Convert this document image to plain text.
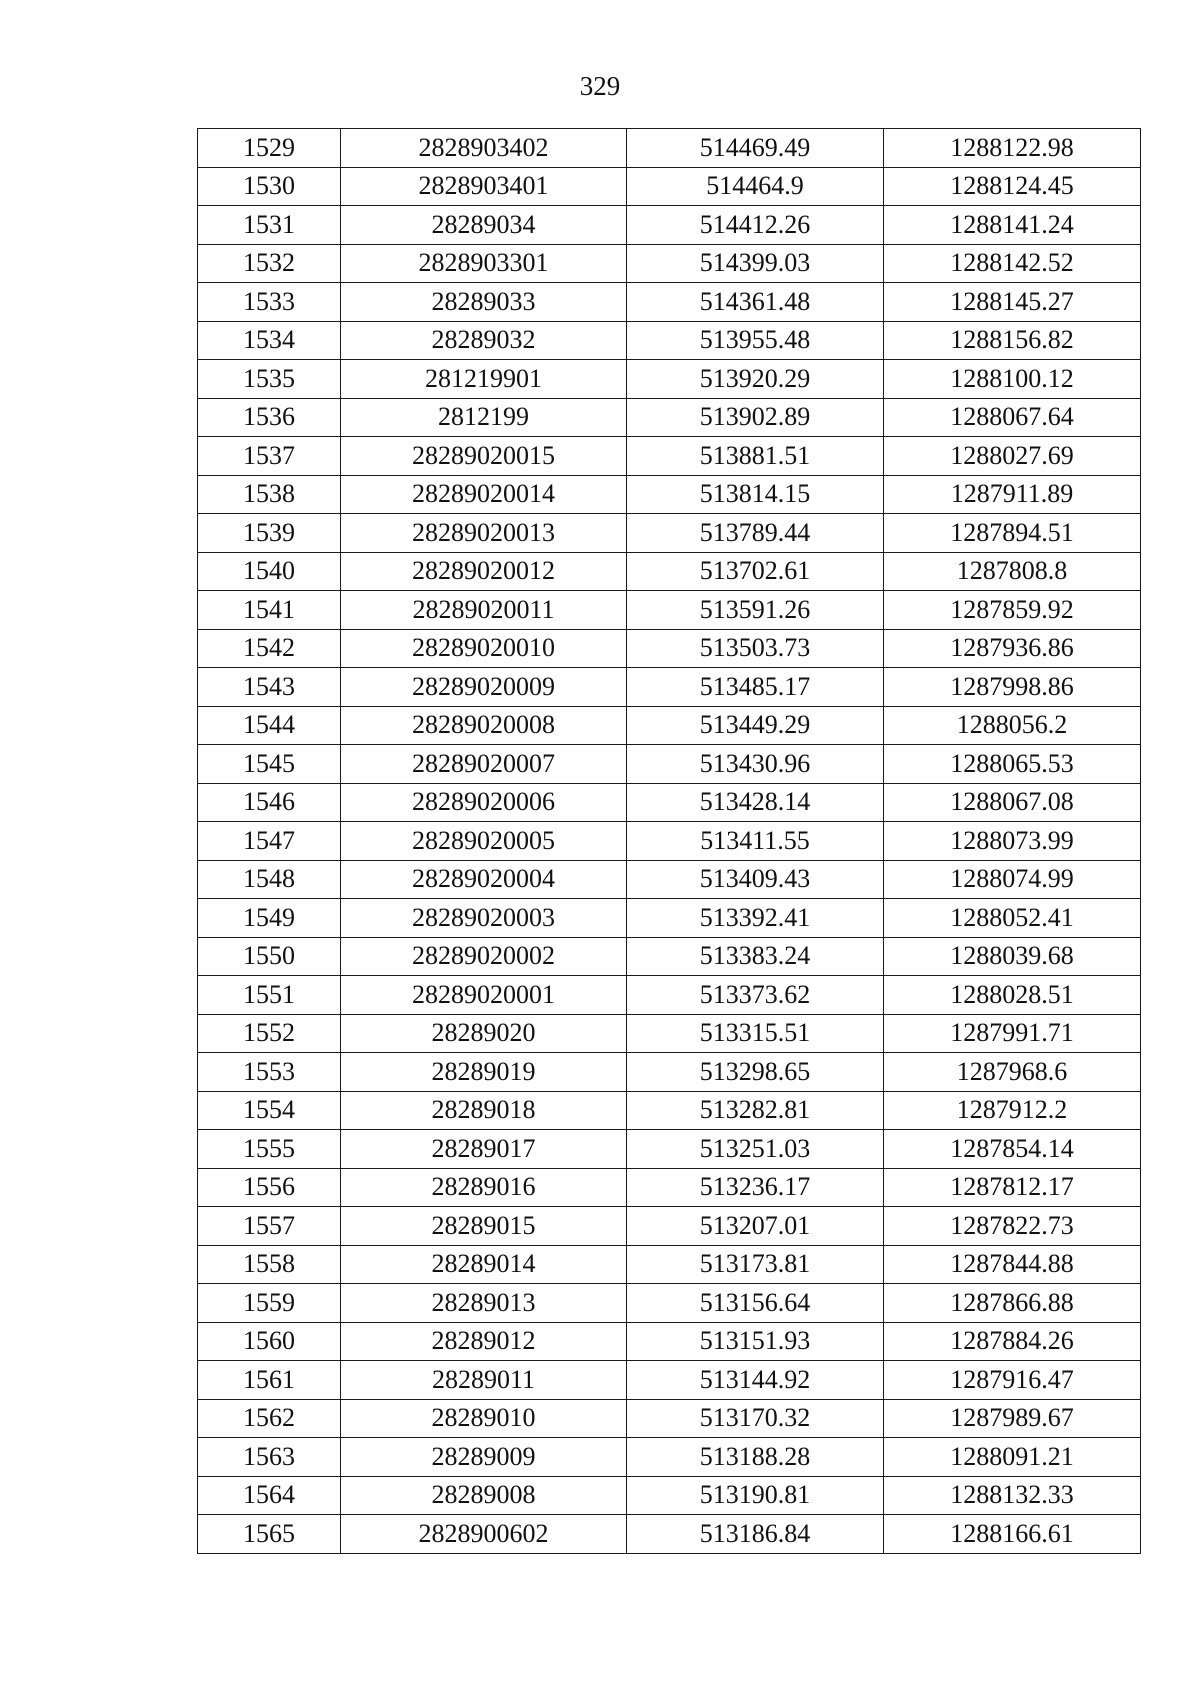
329
1529	2828903402	514469.49	1288122.98
1530	2828903401	514464.9	1288124.45
1531	28289034	514412.26	1288141.24
1532	2828903301	514399.03	1288142.52
1533	28289033	514361.48	1288145.27
1534	28289032	513955.48	1288156.82
1535	281219901	513920.29	1288100.12
1536	2812199	513902.89	1288067.64
1537	28289020015	513881.51	1288027.69
1538	28289020014	513814.15	1287911.89
1539	28289020013	513789.44	1287894.51
1540	28289020012	513702.61	1287808.8
1541	28289020011	513591.26	1287859.92
1542	28289020010	513503.73	1287936.86
1543	28289020009	513485.17	1287998.86
1544	28289020008	513449.29	1288056.2
1545	28289020007	513430.96	1288065.53
1546	28289020006	513428.14	1288067.08
1547	28289020005	513411.55	1288073.99
1548	28289020004	513409.43	1288074.99
1549	28289020003	513392.41	1288052.41
1550	28289020002	513383.24	1288039.68
1551	28289020001	513373.62	1288028.51
1552	28289020	513315.51	1287991.71
1553	28289019	513298.65	1287968.6
1554	28289018	513282.81	1287912.2
1555	28289017	513251.03	1287854.14
1556	28289016	513236.17	1287812.17
1557	28289015	513207.01	1287822.73
1558	28289014	513173.81	1287844.88
1559	28289013	513156.64	1287866.88
1560	28289012	513151.93	1287884.26
1561	28289011	513144.92	1287916.47
1562	28289010	513170.32	1287989.67
1563	28289009	513188.28	1288091.21
1564	28289008	513190.81	1288132.33
1565	2828900602	513186.84	1288166.61
